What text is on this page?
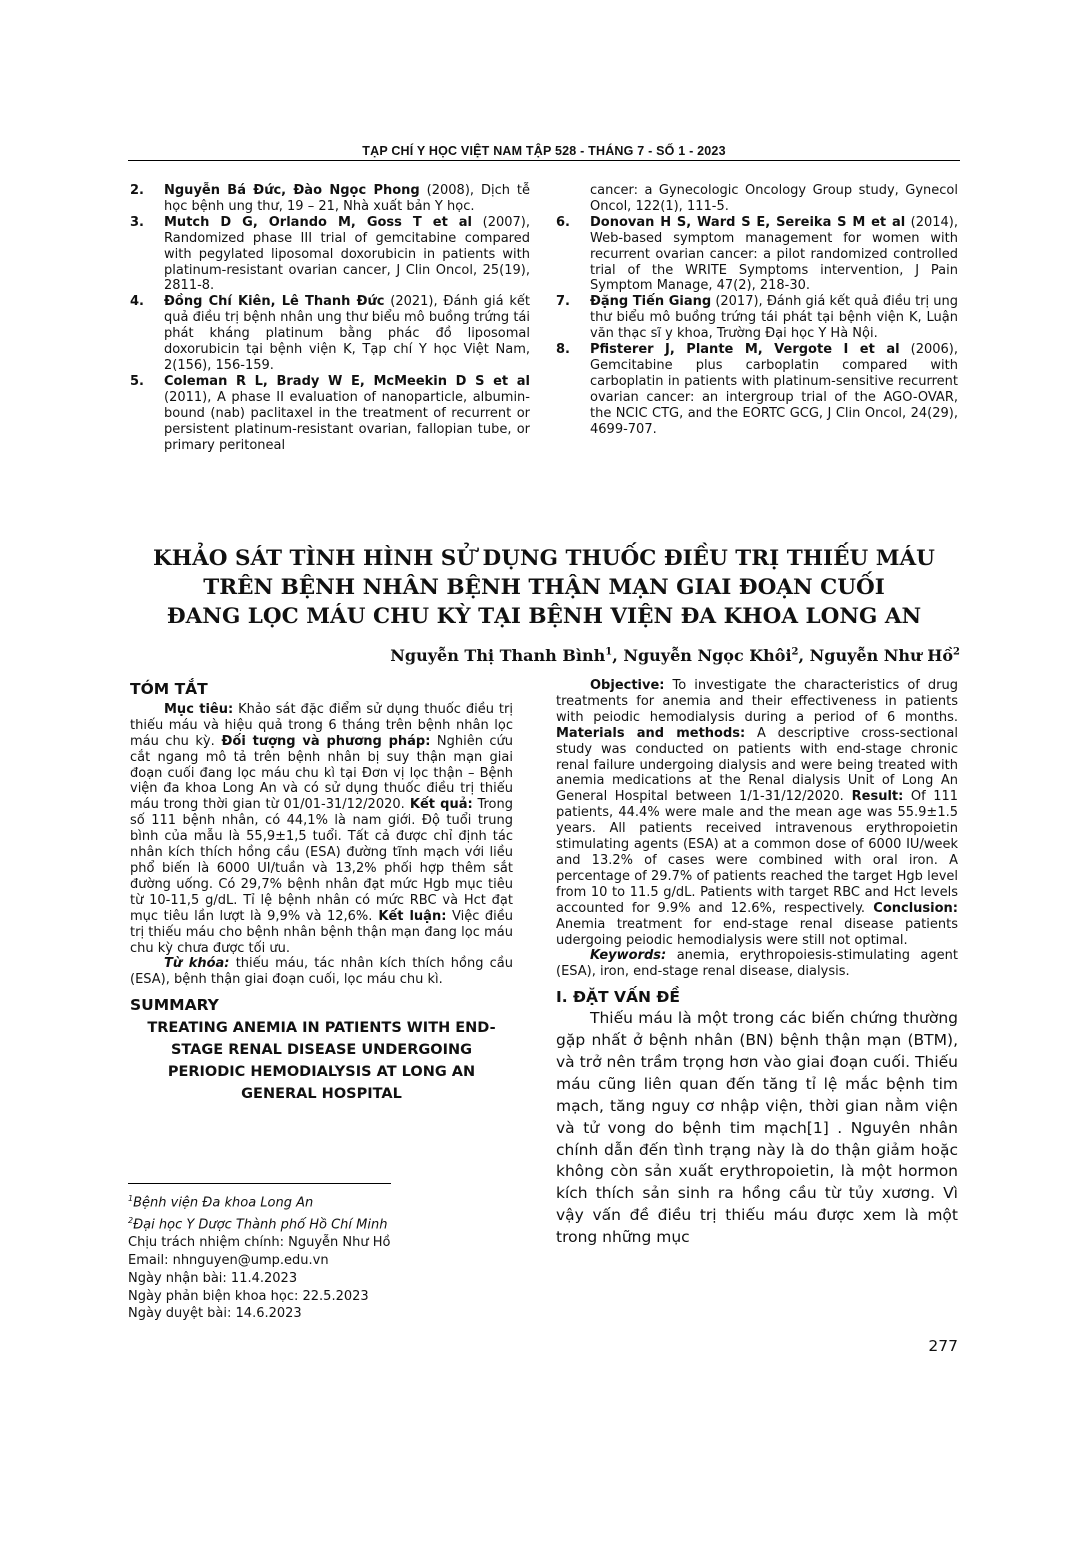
TẠP CHÍ Y HỌC VIỆT NAM TẬP 528 - THÁNG 7 - SỐ 1 - 2023
2.	Nguyễn Bá Đức, Đào Ngọc Phong (2008), Dịch tễ học bệnh ung thư, 19 – 21, Nhà xuất bản Y học.
3.	Mutch D G, Orlando M, Goss T et al (2007), Randomized phase III trial of gemcitabine compared with pegylated liposomal doxorubicin in patients with platinum-resistant ovarian cancer, J Clin Oncol, 25(19), 2811-8.
4.	Đồng Chí Kiên, Lê Thanh Đức (2021), Đánh giá kết quả điều trị bệnh nhân ung thư biểu mô buồng trứng tái phát kháng platinum bằng phác đồ liposomal doxorubicin tại bệnh viện K, Tạp chí Y học Việt Nam, 2(156), 156-159.
5.	Coleman R L, Brady W E, McMeekin D S et al (2011), A phase II evaluation of nanoparticle, albumin-bound (nab) paclitaxel in the treatment of recurrent or persistent platinum-resistant ovarian, fallopian tube, or primary peritoneal
cancer: a Gynecologic Oncology Group study, Gynecol Oncol, 122(1), 111-5.
6.	Donovan H S, Ward S E, Sereika S M et al (2014), Web-based symptom management for women with recurrent ovarian cancer: a pilot randomized controlled trial of the WRITE Symptoms intervention, J Pain Symptom Manage, 47(2), 218-30.
7.	Đặng Tiến Giang (2017), Đánh giá kết quả điều trị ung thư biểu mô buồng trứng tái phát tại bệnh viện K, Luận văn thạc sĩ y khoa, Trường Đại học Y Hà Nội.
8.	Pfisterer J, Plante M, Vergote I et al (2006), Gemcitabine plus carboplatin compared with carboplatin in patients with platinum-sensitive recurrent ovarian cancer: an intergroup trial of the AGO-OVAR, the NCIC CTG, and the EORTC GCG, J Clin Oncol, 24(29), 4699-707.
KHẢO SÁT TÌNH HÌNH SỬ DỤNG THUỐC ĐIỀU TRỊ THIẾU MÁU
TRÊN BỆNH NHÂN BỆNH THẬN MẠN GIAI ĐOẠN CUỐI
ĐANG LỌC MÁU CHU KỲ TẠI BỆNH VIỆN ĐA KHOA LONG AN
Nguyễn Thị Thanh Bình$^1$, Nguyễn Ngọc Khôi$^2$, Nguyễn Như Hồ$^2$
TÓM TẮT

Mục tiêu: Khảo sát đặc điểm sử dụng thuốc điều trị thiếu máu và hiệu quả trong 6 tháng trên bệnh nhân lọc máu chu kỳ. Đối tượng và phương pháp: Nghiên cứu cắt ngang mô tả trên bệnh nhân bị suy thận mạn giai đoạn cuối đang lọc máu chu kì tại Đơn vị lọc thận – Bệnh viện đa khoa Long An và có sử dụng thuốc điều trị thiếu máu trong thời gian từ 01/01-31/12/2020. Kết quả: Trong số 111 bệnh nhân, có 44,1% là nam giới. Độ tuổi trung bình của mẫu là 55,9±1,5 tuổi. Tất cả được chỉ định tác nhân kích thích hồng cầu (ESA) đường tĩnh mạch với liều phổ biến là 6000 UI/tuần và 13,2% phối hợp thêm sắt đường uống. Có 29,7% bệnh nhân đạt mức Hgb mục tiêu từ 10-11,5 g/dL. Tỉ lệ bệnh nhân có mức RBC và Hct đạt mục tiêu lần lượt là 9,9% và 12,6%. Kết luận: Việc điều trị thiếu máu cho bệnh nhân bệnh thận mạn đang lọc máu chu kỳ chưa được tối ưu.

Từ khóa: thiếu máu, tác nhân kích thích hồng cầu (ESA), bệnh thận giai đoạn cuối, lọc máu chu kì.

SUMMARY
TREATING ANEMIA IN PATIENTS WITH END-STAGE RENAL DISEASE UNDERGOING PERIODIC HEMODIALYSIS AT LONG AN GENERAL HOSPITAL
$^1$Bệnh viện Đa khoa Long An
$^2$Đại học Y Dược Thành phố Hồ Chí Minh
Chịu trách nhiệm chính: Nguyễn Như Hồ
Email: nhnguyen@ump.edu.vn
Ngày nhận bài: 11.4.2023
Ngày phản biện khoa học: 22.5.2023
Ngày duyệt bài: 14.6.2023

Objective: To investigate the characteristics of drug treatments for anemia and their effectiveness in patients with peiodic hemodialysis during a period of 6 months. Materials and methods: A descriptive cross-sectional study was conducted on patients with end-stage chronic renal failure undergoing dialysis and were being treated with anemia medications at the Renal dialysis Unit of Long An General Hospital between 1/1-31/12/2020. Result: Of 111 patients, 44.4% were male and the mean age was 55.9±1.5 years. All patients received intravenous erythropoietin stimulating agents (ESA) at a common dose of 6000 IU/week and 13.2% of cases were combined with oral iron. A percentage of 29.7% of patients reached the target Hgb level from 10 to 11.5 g/dL. Patients with target RBC and Hct levels accounted for 9.9% and 12.6%, respectively. Conclusion: Anemia treatment for end-stage renal disease patients udergoing peiodic hemodialysis were still not optimal.

Keywords: anemia, erythropoiesis-stimulating agent (ESA), iron, end-stage renal disease, dialysis.

I. ĐẶT VẤN ĐỀ

Thiếu máu là một trong các biến chứng thường gặp nhất ở bệnh nhân (BN) bệnh thận mạn (BTM), và trở nên trầm trọng hơn vào giai đoạn cuối. Thiếu máu cũng liên quan đến tăng tỉ lệ mắc bệnh tim mạch, tăng nguy cơ nhập viện, thời gian nằm viện và tử vong do bệnh tim mạch[1] . Nguyên nhân chính dẫn đến tình trạng này là do thận giảm hoặc không còn sản xuất erythropoietin, là một hormon kích thích sản sinh ra hồng cầu từ tủy xương. Vì vậy vấn đề điều trị thiếu máu được xem là một trong những mục

277
